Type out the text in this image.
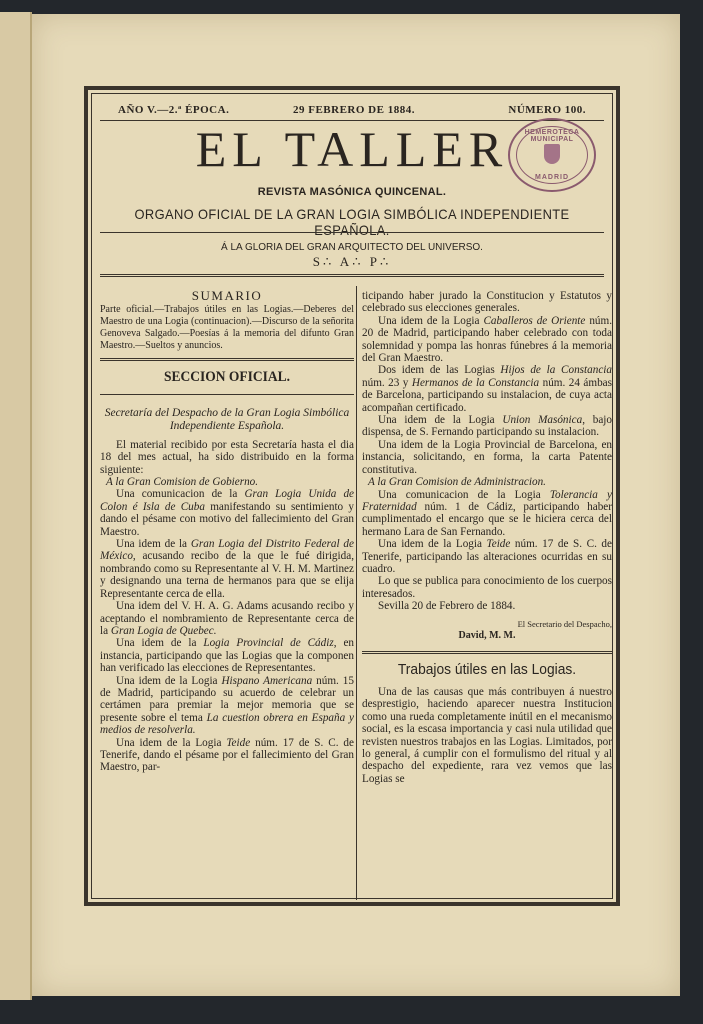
AÑO V.—2.ª ÉPOCA.	29 FEBRERO DE 1884.	NÚMERO 100.
EL TALLER	HEMEROTECA MUNICIPAL
MADRID
REVISTA MASÓNICA QUINCENAL.
ORGANO OFICIAL DE LA GRAN LOGIA SIMBÓLICA INDEPENDIENTE ESPAÑOLA.
Á LA GLORIA DEL GRAN ARQUITECTO DEL UNIVERSO.
S∴ A∴ P∴
SUMARIO
Parte oficial.—Trabajos útiles en las Logias.—Deberes del Maestro de una Logia (continuacion).—Discurso de la señorita Genoveva Salgado.—Poesías á la memoria del difunto Gran Maestro.—Sueltos y anuncios.
SECCION OFICIAL.
Secretaría del Despacho de la Gran Logia Simbólica Independiente Española.

El material recibido por esta Secretaría hasta el dia 18 del mes actual, ha sido distribuido en la forma siguiente:

A la Gran Comision de Gobierno.

Una comunicacion de la Gran Logia Unida de Colon é Isla de Cuba manifestando su sentimiento y dando el pésame con motivo del fallecimiento del Gran Maestro.

Una idem de la Gran Logia del Distrito Federal de México, acusando recibo de la que le fué dirigida, nombrando como su Representante al V. H. M. Martinez y designando una terna de hermanos para que se elija Representante cerca de ella.

Una idem del V. H. A. G. Adams acusando recibo y aceptando el nombramiento de Representante cerca de la Gran Logia de Quebec.

Una idem de la Logia Provincial de Cádiz, en instancia, participando que las Logias que la componen han verificado las elecciones de Representantes.

Una idem de la Logia Hispano Americana núm. 15 de Madrid, participando su acuerdo de celebrar un certámen para premiar la mejor memoria que se presente sobre el tema La cuestion obrera en España y medios de resolverla.

Una idem de la Logia Teide núm. 17 de S. C. de Tenerife, dando el pésame por el fallecimiento del Gran Maestro, par-

ticipando haber jurado la Constitucion y Estatutos y celebrado sus elecciones generales.

Una idem de la Logia Caballeros de Oriente núm. 20 de Madrid, participando haber celebrado con toda solemnidad y pompa las honras fúnebres á la memoria del Gran Maestro.

Dos idem de las Logias Hijos de la Constancia núm. 23 y Hermanos de la Constancia núm. 24 ámbas de Barcelona, participando su instalacion, de cuya acta acompañan certificado.

Una idem de la Logia Union Masónica, bajo dispensa, de S. Fernando participando su instalacion.

Una idem de la Logia Provincial de Barcelona, en instancia, solicitando, en forma, la carta Patente constitutiva.

A la Gran Comision de Administracion.

Una comunicacion de la Logia Tolerancia y Fraternidad núm. 1 de Cádiz, participando haber cumplimentado el encargo que se le hiciera cerca del hermano Lara de San Fernando.

Una idem de la Logia Teide núm. 17 de S. C. de Tenerife, participando las alteraciones ocurridas en su cuadro.

Lo que se publica para conocimiento de los cuerpos interesados.

Sevilla 20 de Febrero de 1884.

El Secretario del Despacho,
David, M. M.
Trabajos útiles en las Logias.

Una de las causas que más contribuyen á nuestro desprestigio, haciendo aparecer nuestra Institucion como una rueda completamente inútil en el mecanismo social, es la escasa importancia y casi nula utilidad que revisten nuestros trabajos en las Logias. Limitados, por lo general, á cumplir con el formulismo del ritual y al despacho del expediente, rara vez vemos que las Logias se
